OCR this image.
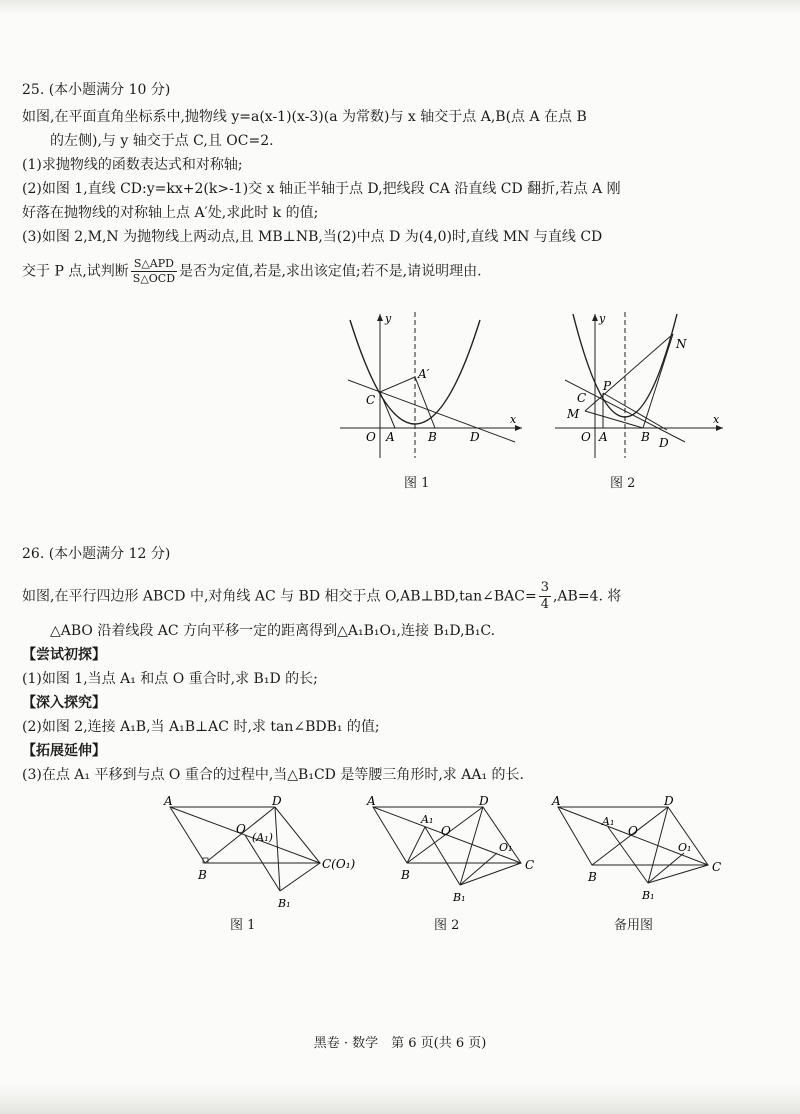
25. (本小题满分 10 分)

如图,在平面直角坐标系中,抛物线 y=a(x-1)(x-3)(a 为常数)与 x 轴交于点 A,B(点 A 在点 B

的左侧),与 y 轴交于点 C,且 OC=2.

(1)求抛物线的函数表达式和对称轴;

(2)如图 1,直线 CD:y=kx+2(k>-1)交 x 轴正半轴于点 D,把线段 CA 沿直线 CD 翻折,若点 A 刚

好落在抛物线的对称轴上点 A′处,求此时 k 的值;

(3)如图 2,M,N 为抛物线上两动点,且 MB⊥NB,当(2)中点 D 为(4,0)时,直线 MN 与直线 CD

交于 P 点,试判断 $\frac{\text{S△APD}}{\text{S△OCD}}$ 是否为定值,若是,求出该定值;若不是,请说明理由.

y
x
C
A′
O A	B	D
图 1
y
x
N
P
C
M
O A	B D
图 2

26. (本小题满分 12 分)

如图,在平行四边形 ABCD 中,对角线 AC 与 BD 相交于点 O,AB⊥BD,tan∠BAC= $\frac{3}{4} ,AB=4$. 将

△ABO 沿着线段 AC 方向平移一定的距离得到△A₁B₁O₁,连接 B₁D,B₁C.

【尝试初探】

(1)如图 1,当点 A₁ 和点 O 重合时,求 B₁D 的长;

【深入探究】

(2)如图 2,连接 A₁B,当 A₁B⊥AC 时,求 tan∠BDB₁ 的值;

【拓展延伸】

(3)在点 A₁ 平移到与点 O 重合的过程中,当△B₁CD 是等腰三角形时,求 AA₁ 的长.

A	D
O
(A₁)
B
C(O₁)
B₁
图 1
A	D
A₁
O
O₁
B
C
B₁
图 2
A	D
A₁
O
O₁
B
C
B₁
备用图
黑卷 · 数学　第 6 页(共 6 页)
